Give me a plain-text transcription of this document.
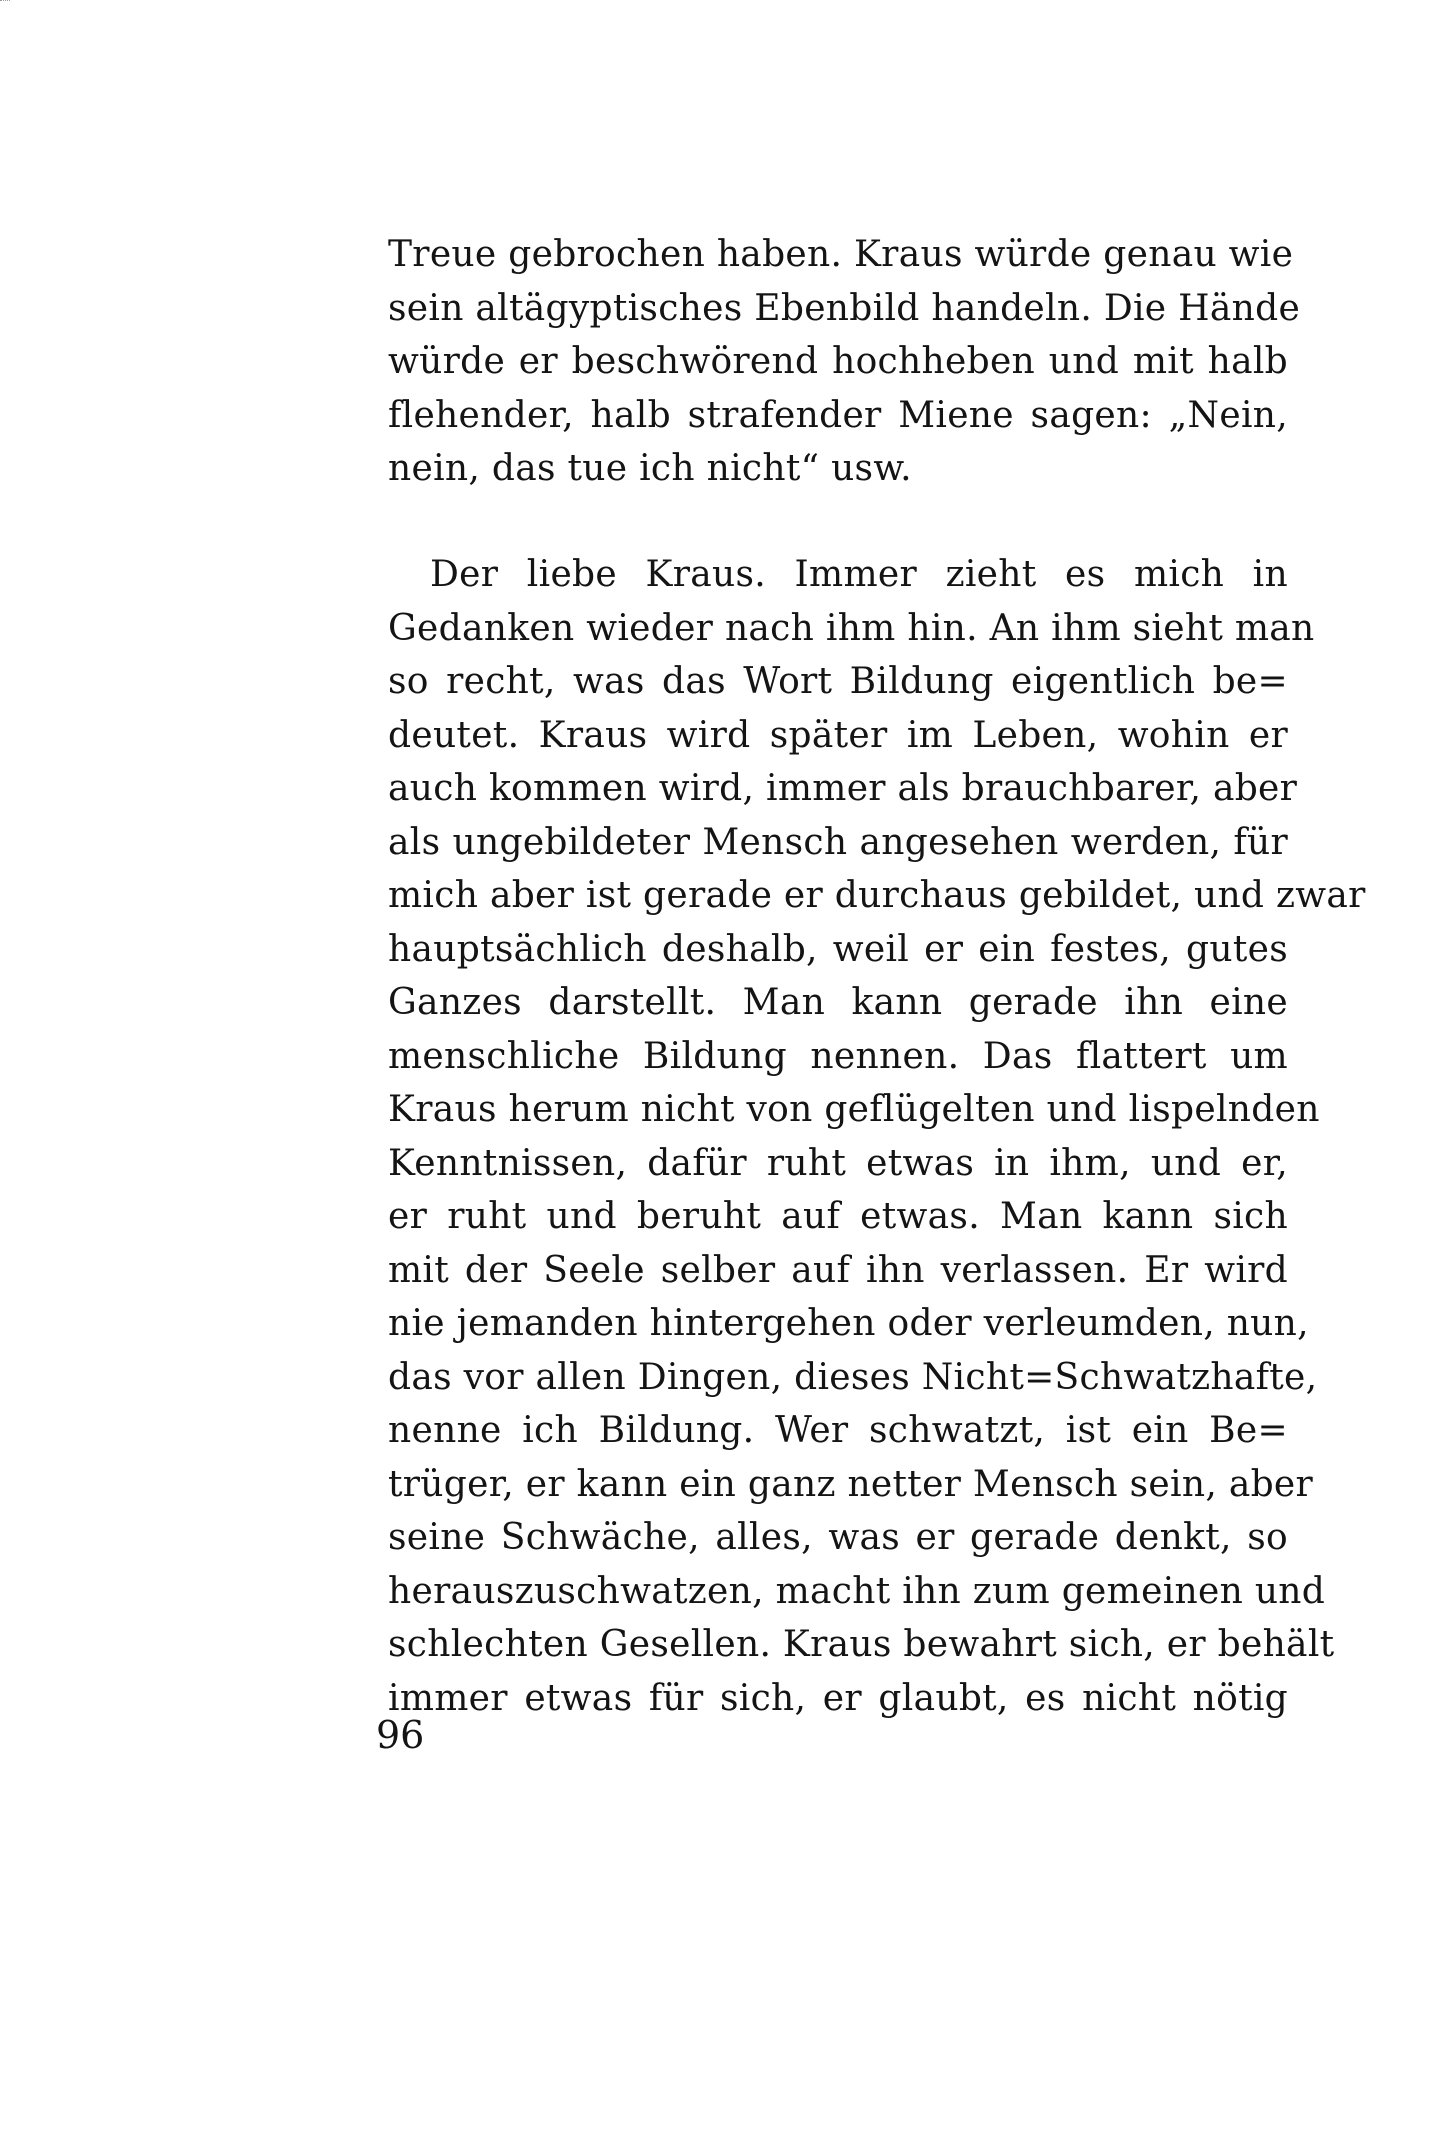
Treue gebrochen haben. Kraus würde genau wie
sein altägyptisches Ebenbild handeln. Die Hände
würde er beschwörend hochheben und mit halb
flehender, halb strafender Miene sagen: „Nein,
nein, das tue ich nicht“ usw.
Der liebe Kraus. Immer zieht es mich in
Gedanken wieder nach ihm hin. An ihm sieht man
so recht, was das Wort Bildung eigentlich be=
deutet. Kraus wird später im Leben, wohin er
auch kommen wird, immer als brauchbarer, aber
als ungebildeter Mensch angesehen werden, für
mich aber ist gerade er durchaus gebildet, und zwar
hauptsächlich deshalb, weil er ein festes, gutes
Ganzes darstellt. Man kann gerade ihn eine
menschliche Bildung nennen. Das flattert um
Kraus herum nicht von geflügelten und lispelnden
Kenntnissen, dafür ruht etwas in ihm, und er,
er ruht und beruht auf etwas. Man kann sich
mit der Seele selber auf ihn verlassen. Er wird
nie jemanden hintergehen oder verleumden, nun,
das vor allen Dingen, dieses Nicht=Schwatzhafte,
nenne ich Bildung. Wer schwatzt, ist ein Be=
trüger, er kann ein ganz netter Mensch sein, aber
seine Schwäche, alles, was er gerade denkt, so
herauszuschwatzen, macht ihn zum gemeinen und
schlechten Gesellen. Kraus bewahrt sich, er behält
immer etwas für sich, er glaubt, es nicht nötig
96
